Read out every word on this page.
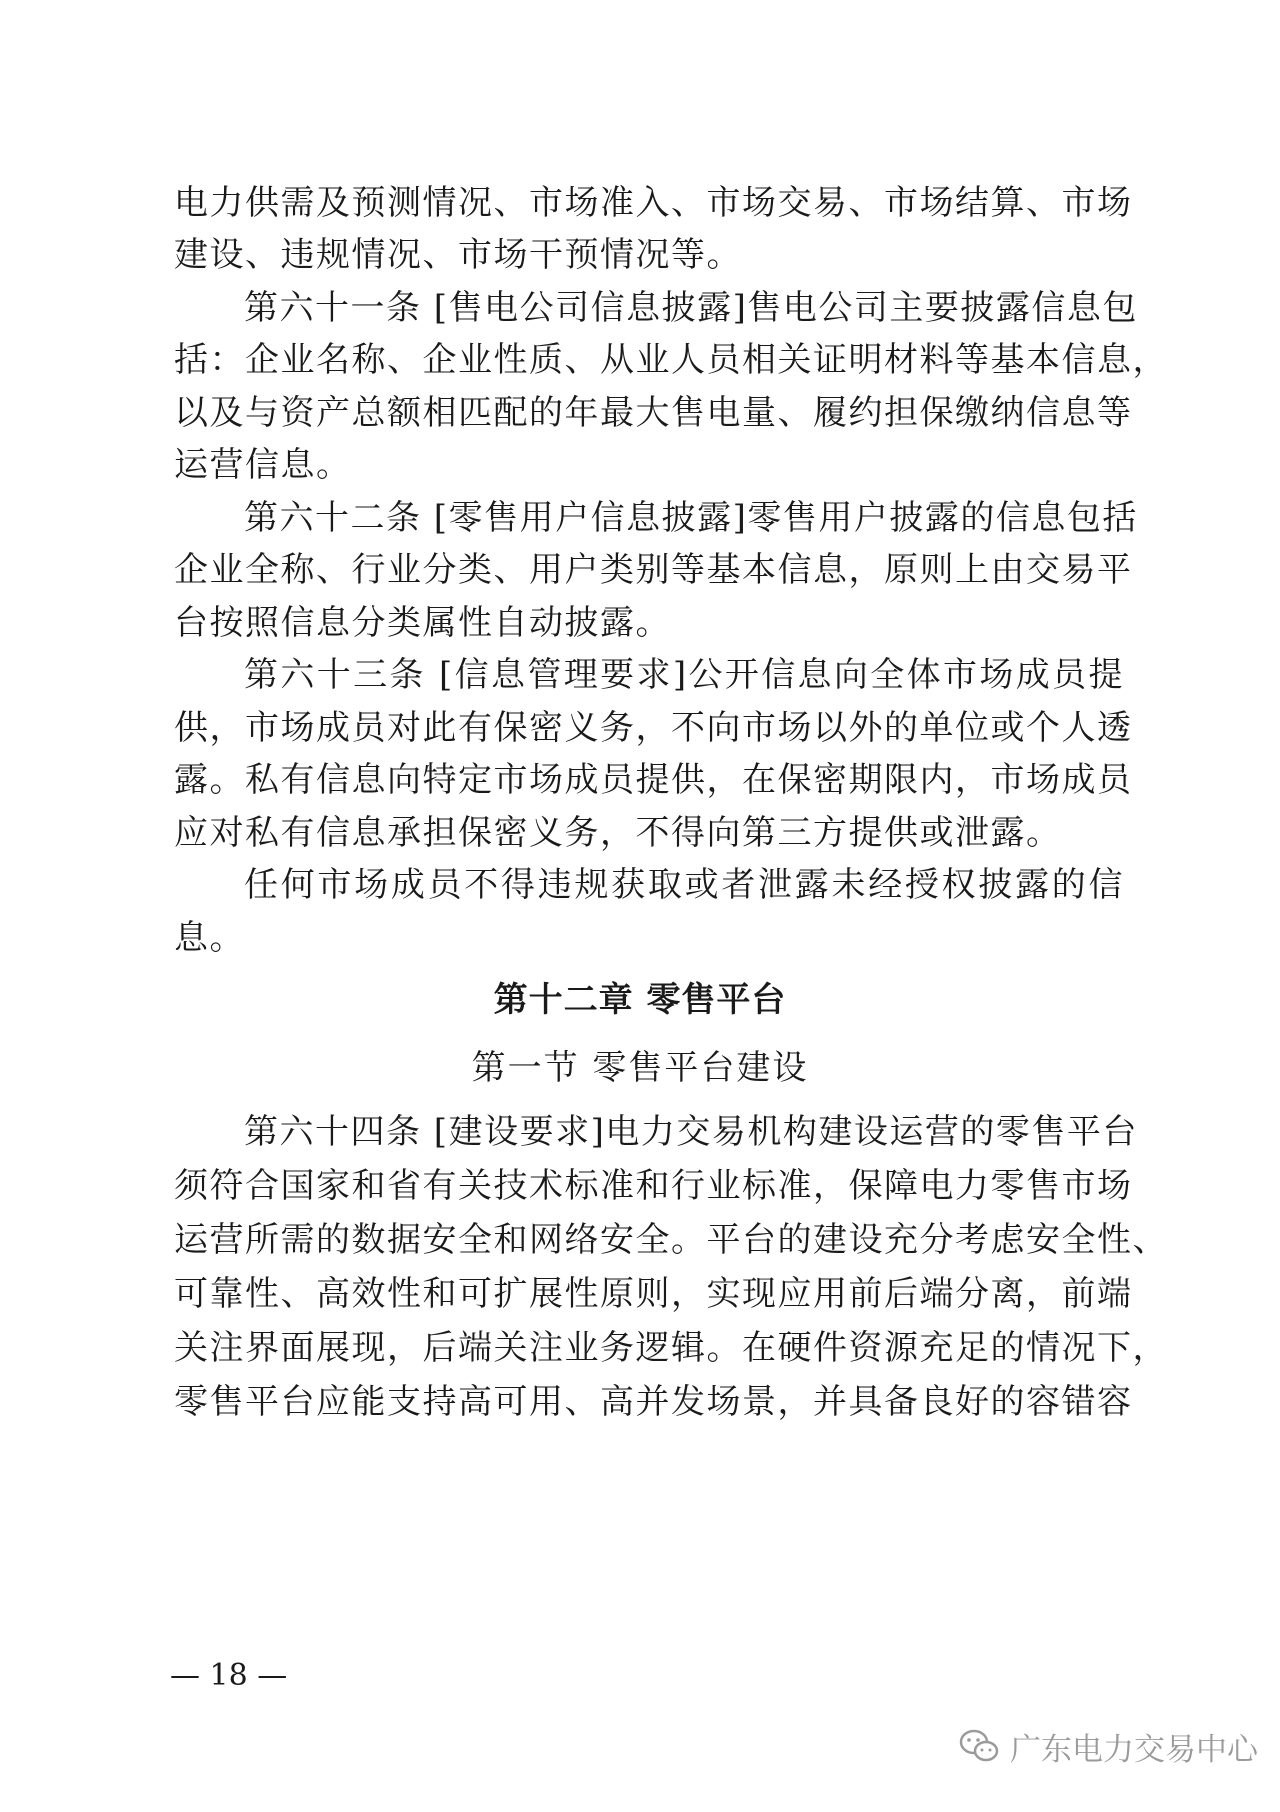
电力供需及预测情况、市场准入、市场交易、市场结算、市场
建设、违规情况、市场干预情况等。
第六十一条 [售电公司信息披露]售电公司主要披露信息包
括：企业名称、企业性质、从业人员相关证明材料等基本信息，
以及与资产总额相匹配的年最大售电量、履约担保缴纳信息等
运营信息。
第六十二条 [零售用户信息披露]零售用户披露的信息包括
企业全称、行业分类、用户类别等基本信息，原则上由交易平
台按照信息分类属性自动披露。
第六十三条 [信息管理要求]公开信息向全体市场成员提
供，市场成员对此有保密义务，不向市场以外的单位或个人透
露。私有信息向特定市场成员提供，在保密期限内，市场成员
应对私有信息承担保密义务，不得向第三方提供或泄露。
任何市场成员不得违规获取或者泄露未经授权披露的信
息。
第十二章 零售平台
第一节 零售平台建设
第六十四条 [建设要求]电力交易机构建设运营的零售平台
须符合国家和省有关技术标准和行业标准，保障电力零售市场
运营所需的数据安全和网络安全。平台的建设充分考虑安全性、
可靠性、高效性和可扩展性原则，实现应用前后端分离，前端
关注界面展现，后端关注业务逻辑。在硬件资源充足的情况下，
零售平台应能支持高可用、高并发场景，并具备良好的容错容
— 18 —
广东电力交易中心
